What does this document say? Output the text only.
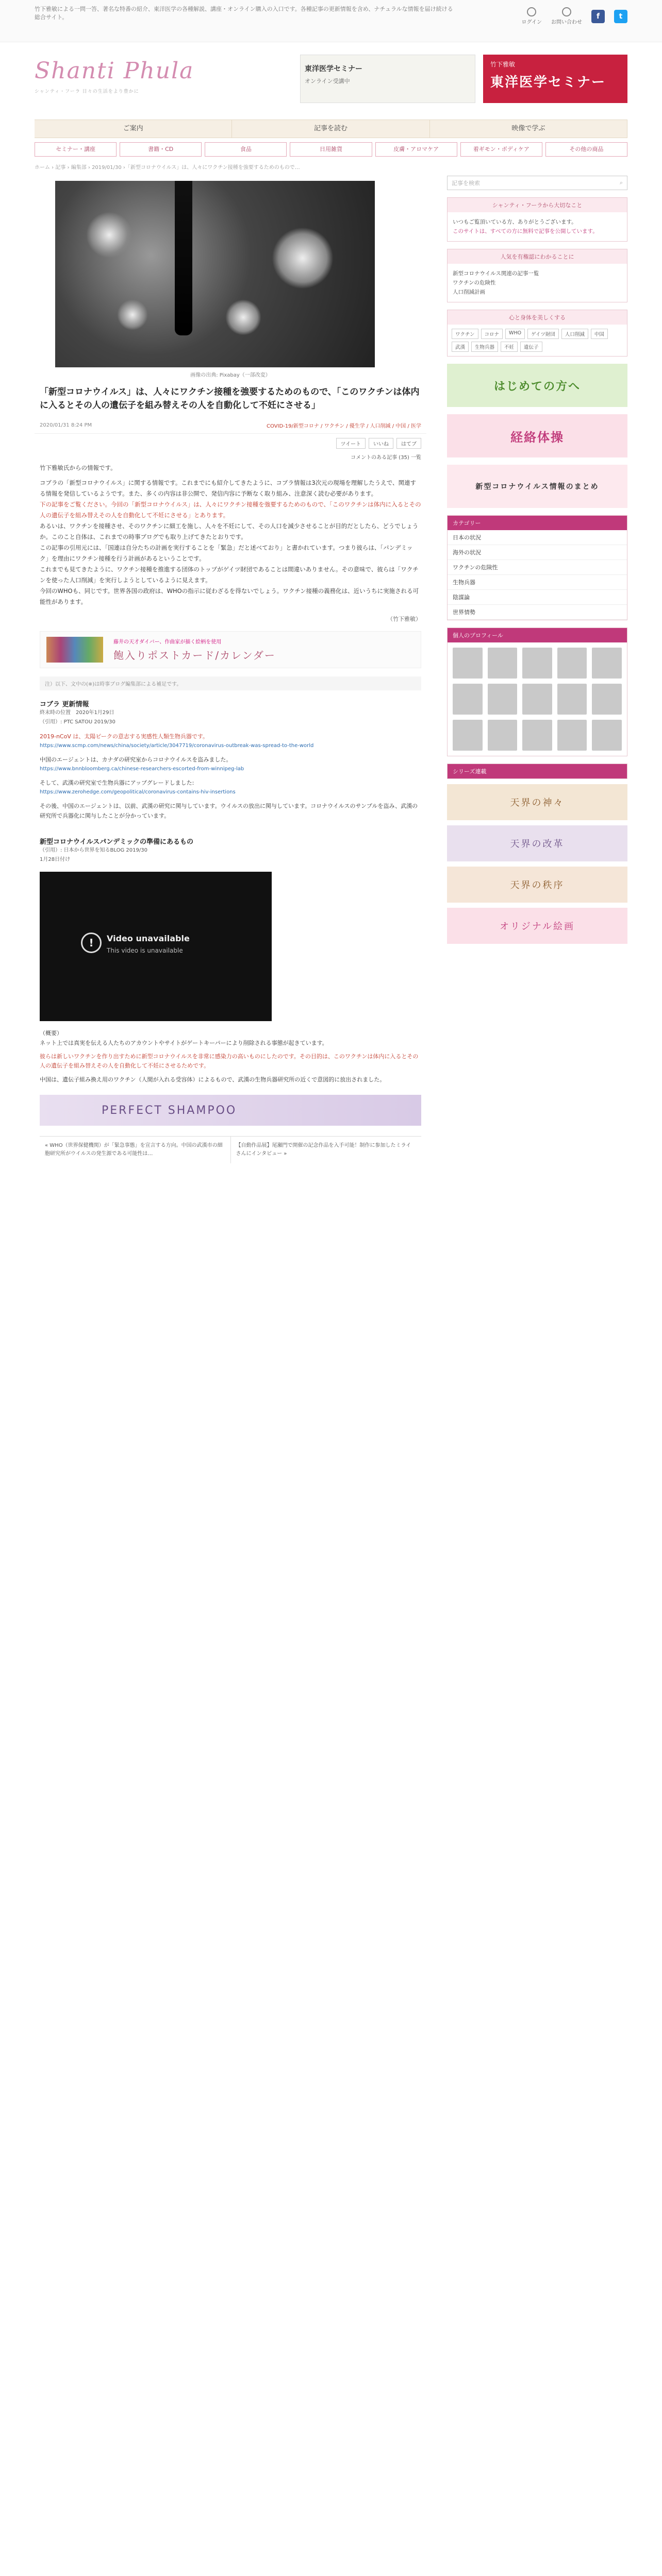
竹下雅敏による一問一答、著名な特番の紹介、東洋医学の各種解説、講座・オンライン購入の入口です。各種記事の更新情報を含め、ナチュラルな情報を届け続ける総合サイト。
ログイン お問い合わせ
f	t
Shanti Phula
シャンティ・フーラ 日々の生活をより豊かに
東洋医学セミナー
オンライン受講中
竹下雅敏
東洋医学セミナー
ご案内	記事を読む	映像で学ぶ
セミナー・講座	書籍・CD	食品	日用雑貨	皮膚・アロマケア	着ギモン・ボディケア	その他の商品
ホーム › 記事 › 編集部 › 2019/01/30 ›「新型コロナウイルス」は、人々にワクチン接種を強要するためのもので…
画像の出典: Pixabay（一部改変）
「新型コロナウイルス」は、人々にワクチン接種を強要するためのもので、「このワクチンは体内に入るとその人の遺伝子を組み替えその人を自動化して不妊にさせる」
2020/01/31 8:24 PM	COVID-19/新型コロナ / ワクチン / 優生学 / 人口削減 / 中国 / 医学
ツイート	いいね	はてブ
コメントのある記事 (35) 一覧

竹下雅敏氏からの情報です。

コブラの「新型コロナウイルス」に関する情報です。これまでにも紹介してきたように、コブラ情報は3次元の現場を理解したうえで、関連する情報を発信しているようです。また、多くの内容は非公開で、発信内容に予断なく取り組み、注意深く読む必要があります。

下の記事をご覧ください。今回の「新型コロナウイルス」は、人々にワクチン接種を強要するためのもので、「このワクチンは体内に入るとその人の遺伝子を組み替えその人を自動化して不妊にさせる」とあります。

あるいは、ワクチンを接種させ、そのワクチンに細工を施し、人々を不妊にして、その人口を減少させることが目的だとしたら、どうでしょうか。このこと自体は、これまでの時事ブログでも取り上げてきたとおりです。

この記事の引用元には、「国連は自分たちの計画を実行することを「緊急」だと述べており」と書かれています。つまり彼らは、「パンデミック」を理由にワクチン接種を行う計画があるということです。

これまでも見てきたように、ワクチン接種を推進する団体のトップがゲイツ財団であることは間違いありません。その意味で、彼らは「ワクチンを使った人口削減」を実行しようとしているように見えます。

今回のWHOも、同じです。世界各国の政府は、WHOの指示に従わざるを得ないでしょう。ワクチン接種の義務化は、近いうちに実施される可能性があります。

（竹下雅敏）
藤井の天才ダイバー、作曲家が描く絵柄を使用
飽入りポストカード/カレンダー
注）以下、文中の(※)は時事ブログ編集部による補足です。
コブラ 更新情報
終末時の位置　2020年1月29日
（引用）: PTC SATOU 2019/30
2019-nCoV は、太陽ピークの意志する実感性人類生物兵器です。
https://www.scmp.com/news/china/society/article/3047719/coronavirus-outbreak-was-spread-to-the-world

中国のエージェントは、カナダの研究室からコロナウイルスを盗みました。

https://www.bnnbloomberg.ca/chinese-researchers-escorted-from-winnipeg-lab

そして、武漢の研究室で生物兵器にアップグレードしました:

https://www.zerohedge.com/geopolitical/coronavirus-contains-hiv-insertions

その後、中国のエージェントは、以前、武漢の研究に関与しています。ウイルスの放出に関与しています。コロナウイルスのサンプルを盗み、武漢の研究所で兵器化に関与したことが分かっています。

新型コロナウイルスパンデミックの準備にあるもの
（引用）: 日本から世界を知るBLOG 2019/30
1月28日付け
!	Video unavailable
This video is unavailable

（概要）

ネット上では真実を伝える人たちのアカウントやサイトがゲートキーパーにより削除される事態が起きています。

彼らは新しいワクチンを作り出すために新型コロナウイルスを非常に感染力の高いものにしたのです。その目的は、このワクチンは体内に入るとその人の遺伝子を組み替えその人を自動化して不妊にさせるためです。

中国は、遺伝子組み換え用のワクチン（人間が入れる受容体）によるもので、武漢の生物兵器研究所の近くで意図的に放出されました。

PERFECT SHAMPOO
« WHO（世界保健機関）が「緊急事態」を宣言する方向。中国の武漢市の細胞研究所がウイルスの発生源である可能性は…
【自動作品展】尾瀬門で開催の記念作品を入手可能！制作に参加したミライさんにインタビュー »
記事を検索	⌕
シャンティ・フーラから大切なこと
いつもご覧頂いている方、ありがとうございます。
このサイトは、すべての方に無料で記事を公開しています。
人気を有権認にわかることに
新型コロナウイルス関連の記事一覧
ワクチンの危険性
人口削減計画
心と身体を美しくする
ワクチン	コロナ	WHO	ゲイツ財団	人口削減	中国
武漢	生物兵器	不妊	遺伝子
はじめての方へ
経絡体操
新型コロナウイルス情報のまとめ
カテゴリー
日本の状況
海外の状況
ワクチンの危険性
生物兵器
陰謀論
世界情勢
個人のプロフィール
シリーズ連載
天界の神々
天界の改革
天界の秩序
オリジナル絵画
